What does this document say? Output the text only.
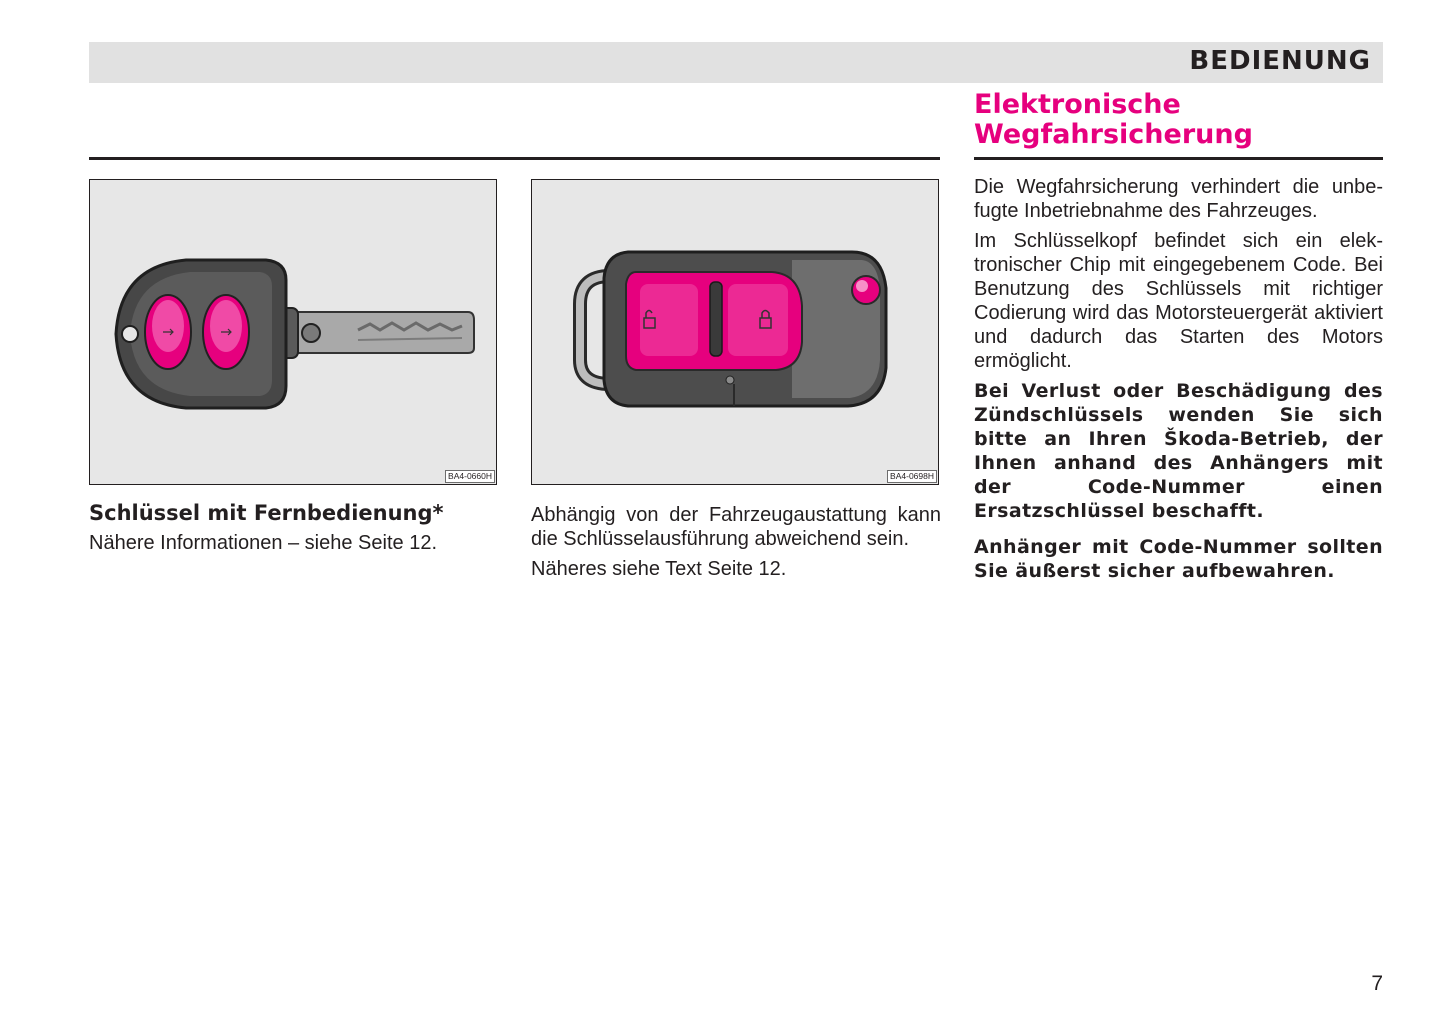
BEDIENUNG
Elektronische
Wegfahrsicherung
BA4-0660H	BA4-0698H
Schlüssel mit Fernbedienung*
Nähere Informationen – siehe Seite 12.

Abhängig von der Fahrzeugaustattung kann die Schlüsselausführung abweichend sein.

Näheres siehe Text Seite 12.

Die Wegfahrsicherung verhindert die unbefugte Inbetriebnahme des Fahrzeuges.

Im Schlüsselkopf befindet sich ein elektronischer Chip mit eingegebenem Code. Bei Benutzung des Schlüssels mit richtiger Codierung wird das Motorsteuergerät aktiviert und dadurch das Starten des Motors ermöglicht.

Bei Verlust oder Beschädigung des Zündschlüssels wenden Sie sich bitte an Ihren Škoda-Betrieb, der Ihnen anhand des Anhängers mit der Code-Nummer einen Ersatzschlüssel beschafft.

Anhänger mit Code-Nummer sollten Sie äußerst sicher aufbewahren.

7
